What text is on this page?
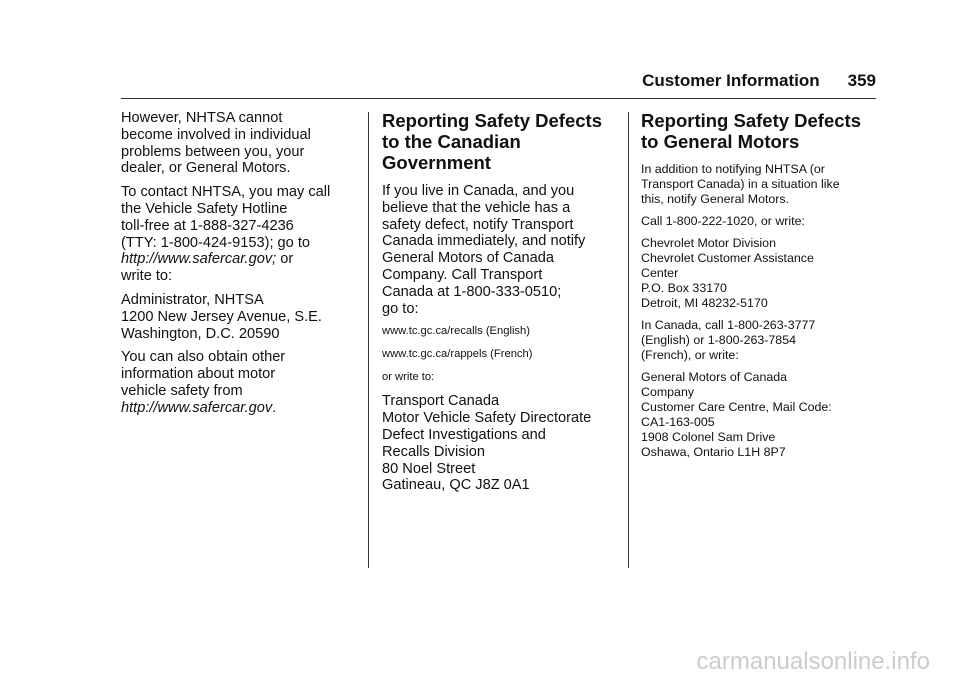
Customer Information 359

However, NHTSA cannot
become involved in individual
problems between you, your
dealer, or General Motors.

To contact NHTSA, you may call
the Vehicle Safety Hotline
toll-free at 1-888-327-4236
(TTY: 1-800-424-9153); go to
http://www.safercar.gov; or
write to:

Administrator, NHTSA
1200 New Jersey Avenue, S.E.
Washington, D.C. 20590

You can also obtain other
information about motor
vehicle safety from
http://www.safercar.gov.

Reporting Safety Defects
to the Canadian
Government

If you live in Canada, and you
believe that the vehicle has a
safety defect, notify Transport
Canada immediately, and notify
General Motors of Canada
Company. Call Transport
Canada at 1-800-333-0510;
go to:

www.tc.gc.ca/recalls (English)

www.tc.gc.ca/rappels (French)

or write to:

Transport Canada
Motor Vehicle Safety Directorate
Defect Investigations and
Recalls Division
80 Noel Street
Gatineau, QC J8Z 0A1

Reporting Safety Defects
to General Motors

In addition to notifying NHTSA (or
Transport Canada) in a situation like
this, notify General Motors.

Call 1-800-222-1020, or write:

Chevrolet Motor Division
Chevrolet Customer Assistance
Center
P.O. Box 33170
Detroit, MI 48232-5170

In Canada, call 1-800-263-3777
(English) or 1-800-263-7854
(French), or write:

General Motors of Canada
Company
Customer Care Centre, Mail Code:
CA1-163-005
1908 Colonel Sam Drive
Oshawa, Ontario L1H 8P7

carmanualsonline.info
